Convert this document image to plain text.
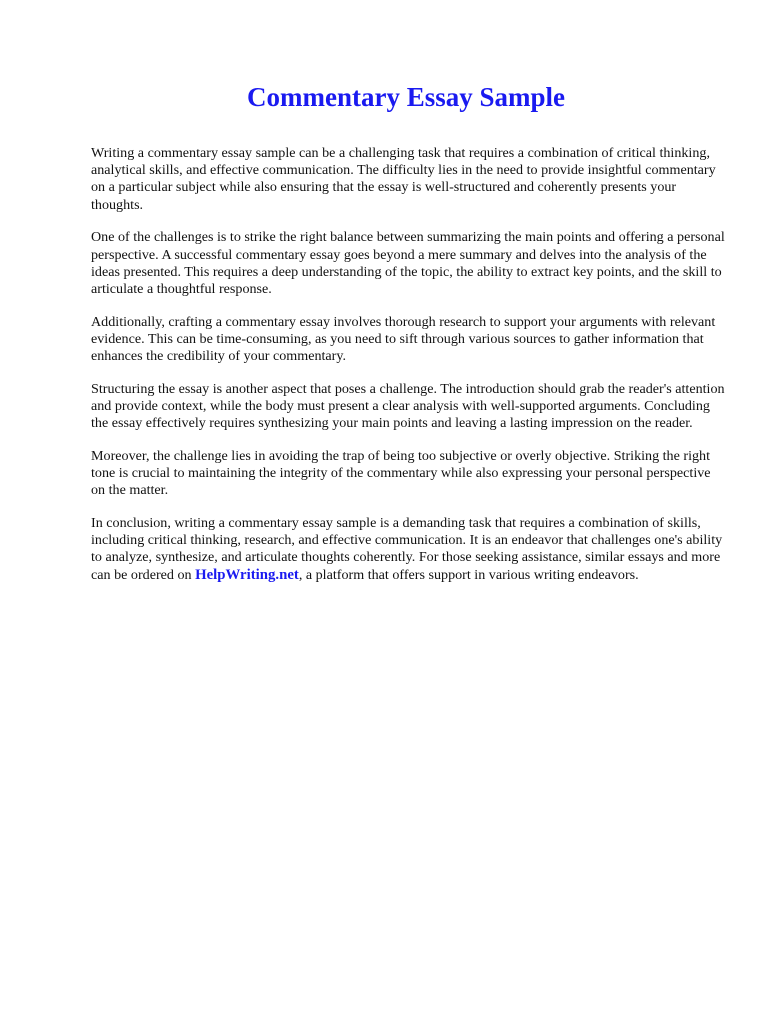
Commentary Essay Sample

Writing a commentary essay sample can be a challenging task that requires a combination of critical thinking, analytical skills, and effective communication. The difficulty lies in the need to provide insightful commentary on a particular subject while also ensuring that the essay is well-structured and coherently presents your thoughts.

One of the challenges is to strike the right balance between summarizing the main points and offering a personal perspective. A successful commentary essay goes beyond a mere summary and delves into the analysis of the ideas presented. This requires a deep understanding of the topic, the ability to extract key points, and the skill to articulate a thoughtful response.

Additionally, crafting a commentary essay involves thorough research to support your arguments with relevant evidence. This can be time-consuming, as you need to sift through various sources to gather information that enhances the credibility of your commentary.

Structuring the essay is another aspect that poses a challenge. The introduction should grab the reader's attention and provide context, while the body must present a clear analysis with well-supported arguments. Concluding the essay effectively requires synthesizing your main points and leaving a lasting impression on the reader.

Moreover, the challenge lies in avoiding the trap of being too subjective or overly objective. Striking the right tone is crucial to maintaining the integrity of the commentary while also expressing your personal perspective on the matter.

In conclusion, writing a commentary essay sample is a demanding task that requires a combination of skills, including critical thinking, research, and effective communication. It is an endeavor that challenges one's ability to analyze, synthesize, and articulate thoughts coherently. For those seeking assistance, similar essays and more can be ordered on HelpWriting.net, a platform that offers support in various writing endeavors.
